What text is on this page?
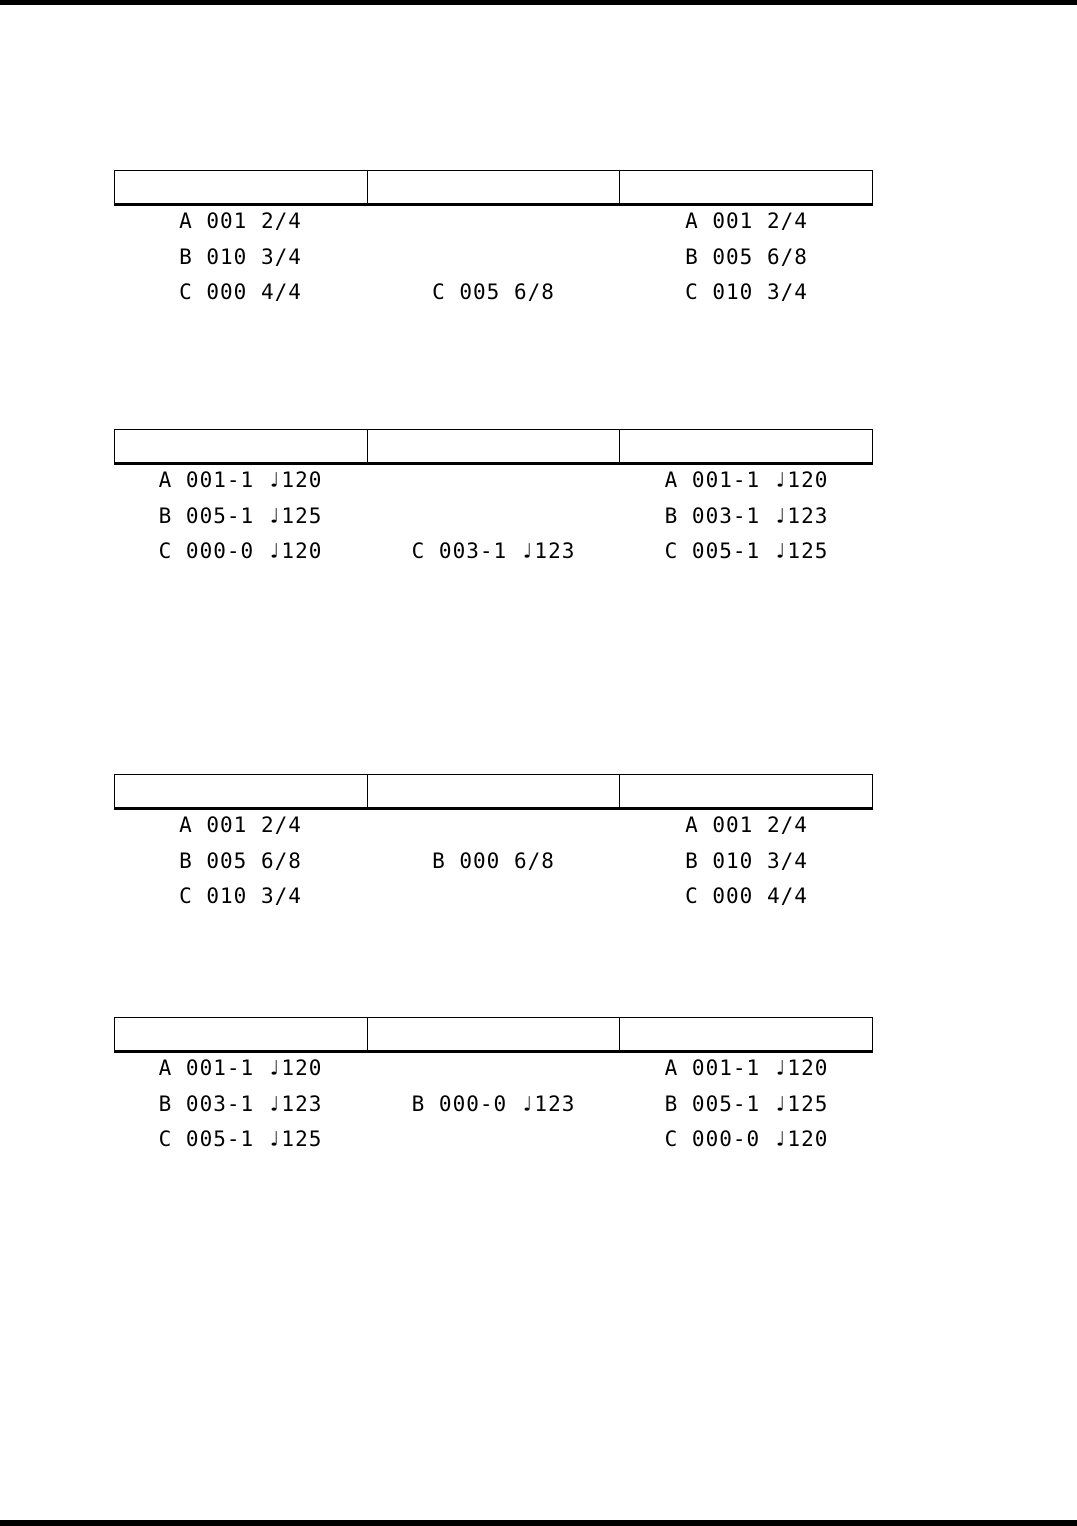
A 001 2/4
B 010 3/4
C 000 4/4	C 005 6/8
A 001 2/4
B 005 6/8
C 010 3/4
A 001-1 ♩120
B 005-1 ♩125
C 000-0 ♩120	C 003-1 ♩123
A 001-1 ♩120
B 003-1 ♩123
C 005-1 ♩125
A 001 2/4
B 005 6/8
C 010 3/4
B 000 6/8
A 001 2/4
B 010 3/4
C 000 4/4
A 001-1 ♩120
B 003-1 ♩123
C 005-1 ♩125
B 000-0 ♩123
A 001-1 ♩120
B 005-1 ♩125
C 000-0 ♩120
